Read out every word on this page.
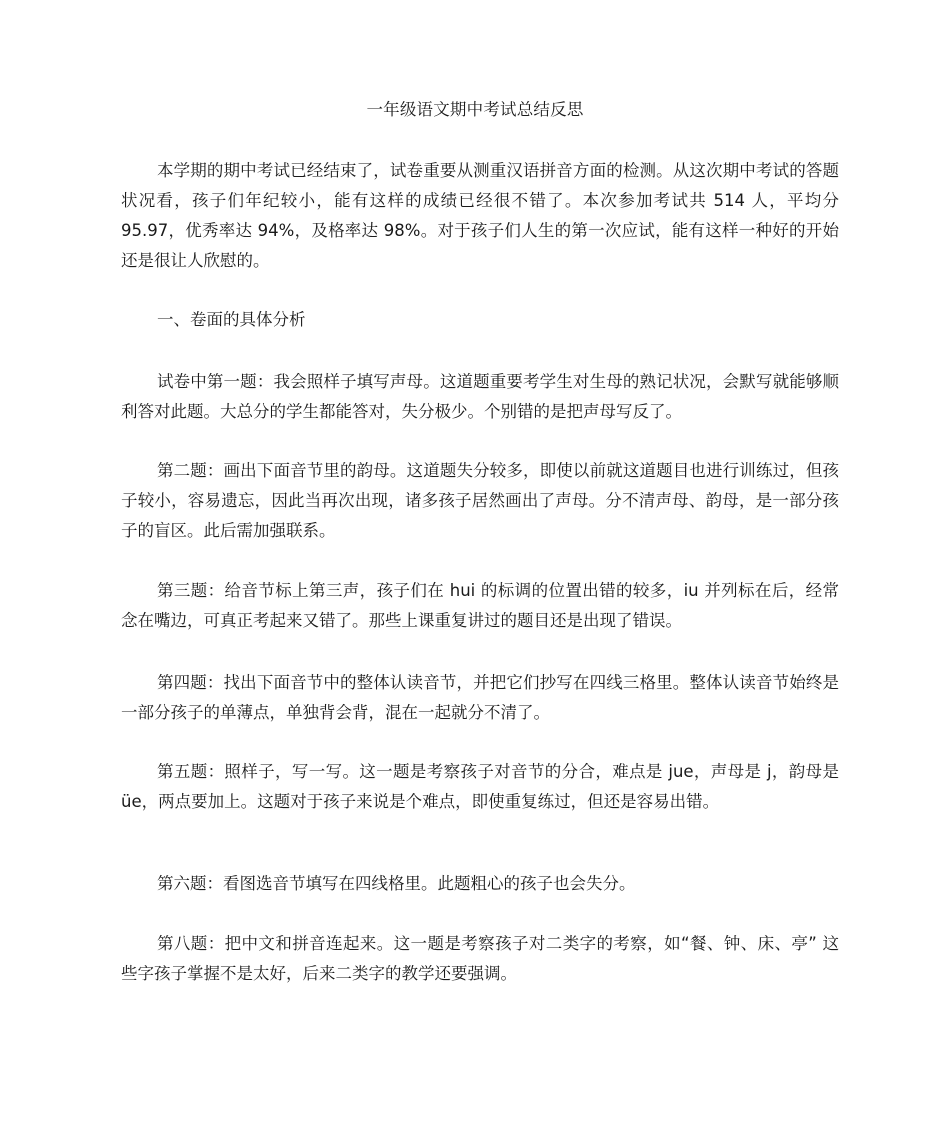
一年级语文期中考试总结反思

本学期的期中考试已经结束了，试卷重要从测重汉语拼音方面的检测。从这次期中考试的答题状况看，孩子们年纪较小，能有这样的成绩已经很不错了。本次参加考试共 514 人，平均分 95.97，优秀率达 94%，及格率达 98%。对于孩子们人生的第一次应试，能有这样一种好的开始还是很让人欣慰的。

一、卷面的具体分析

试卷中第一题：我会照样子填写声母。这道题重要考学生对生母的熟记状况，会默写就能够顺利答对此题。大总分的学生都能答对，失分极少。个别错的是把声母写反了。

第二题：画出下面音节里的韵母。这道题失分较多，即使以前就这道题目也进行训练过，但孩子较小，容易遗忘，因此当再次出现，诸多孩子居然画出了声母。分不清声母、韵母，是一部分孩子的盲区。此后需加强联系。

第三题：给音节标上第三声，孩子们在 hui 的标调的位置出错的较多，iu 并列标在后，经常念在嘴边，可真正考起来又错了。那些上课重复讲过的题目还是出现了错误。

第四题：找出下面音节中的整体认读音节，并把它们抄写在四线三格里。整体认读音节始终是一部分孩子的单薄点，单独背会背，混在一起就分不清了。

第五题：照样子，写一写。这一题是考察孩子对音节的分合，难点是 jue，声母是 j，韵母是 üe，两点要加上。这题对于孩子来说是个难点，即使重复练过，但还是容易出错。

第六题：看图选音节填写在四线格里。此题粗心的孩子也会失分。

第八题：把中文和拼音连起来。这一题是考察孩子对二类字的考察，如“餐、钟、床、亭” 这些字孩子掌握不是太好，后来二类字的教学还要强调。
